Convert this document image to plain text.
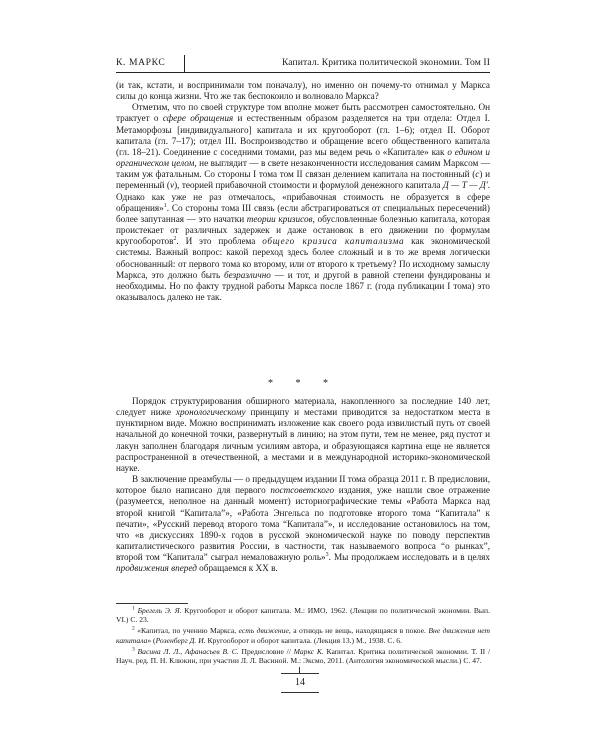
К. МАРКС	Капитал. Критика политической экономии. Том II

(и так, кстати, и воспринимали том поначалу), но именно он почему-то отнимал у Маркса силы до конца жизни. Что же так беспокоило и волновало Маркса?

Отметим, что по своей структуре том вполне может быть рассмотрен самостоятельно. Он трактует о сфере обращения и естественным образом разделяется на три отдела: Отдел I. Метаморфозы [индивидуального] капитала и их кругооборот (гл. 1–6); отдел II. Оборот капитала (гл. 7–17); отдел III. Воспроизводство и обращение всего общественного капитала (гл. 18–21). Соединение с соседними томами, раз мы ведем речь о «Капитале» как о едином и органическом целом, не выглядит — в свете незаконченности исследования самим Марксом — таким уж фатальным. Со стороны I тома том II связан делением капитала на постоянный (c) и переменный (v), теорией прибавочной стоимости и формулой денежного капитала Д — Т — Д'. Однако как уже не раз отмечалось, «прибавочная стоимость не образуется в сфере обращения»$^1$. Со стороны тома III связь (если абстрагироваться от специальных пересечений) более запутанная — это начатки теории кризисов, обусловленные болезнью капитала, которая проистекает от различных задержек и даже остановок в его движении по формулам кругооборотов$^2$. И это проблема общего кризиса капитализма как экономической системы. Важный вопрос: какой переход здесь более сложный и в то же время логически обоснованный: от первого тома ко второму, или от второго к третьему? По исходному замыслу Маркса, это должно быть безразлично — и тот, и другой в равной степени фундированы и необходимы. Но по факту трудной работы Маркса после 1867 г. (года публикации I тома) это оказывалось далеко не так.

* * *

Порядок структурирования обширного материала, накопленного за последние 140 лет, следует ниже хронологическому принципу и местами приводится за недостатком места в пунктирном виде. Можно воспринимать изложение как своего рода извилистый путь от своей начальной до конечной точки, развернутый в линию; на этом пути, тем не менее, ряд пустот и лакун заполнен благодаря личным усилиям автора, и образующаяся картина еще не является распространенной в отечественной, а местами и в международной историко-экономической науке.

В заключение преамбулы — о предыдущем издании II тома образца 2011 г. В предисловии, которое было написано для первого постсоветского издания, уже нашли свое отражение (разумеется, неполное на данный момент) историографические темы «Работа Маркса над второй книгой “Капитала”», «Работа Энгельса по подготовке второго тома “Капитала” к печати», «Русский перевод второго тома “Капитала”», и исследование остановилось на том, что «в дискуссиях 1890-х годов в русской экономической науке по поводу перспектив капиталистического развития России, в частности, так называемого вопроса “о рынках”, второй том “Капитала” сыграл немаловажную роль»$^3$. Мы продолжаем исследовать и в целях продвижения вперед обращаемся к XX в.

$^1$ Брегель Э. Я. Кругооборот и оборот капитала. М.: ИМО, 1962. (Лекции по политической экономии. Вып. VI.) С. 23.

$^2$ «Капитал, по учению Маркса, есть движение, а отнюдь не вещь, находящаяся в покое. Вне движения нет капитала» (Розенберг Д. И. Кругооборот и оборот капитала. (Лекция 13.) М., 1938. С. 6.

$^3$ Васина Л. Л., Афанасьев В. С. Предисловие // Маркс К. Капитал. Критика политической экономии. Т. II / Науч. ред. П. Н. Клюкин, при участии Л. Л. Васиной. М.: Эксмо, 2011. (Антология экономической мысли.) С. 47.

14
